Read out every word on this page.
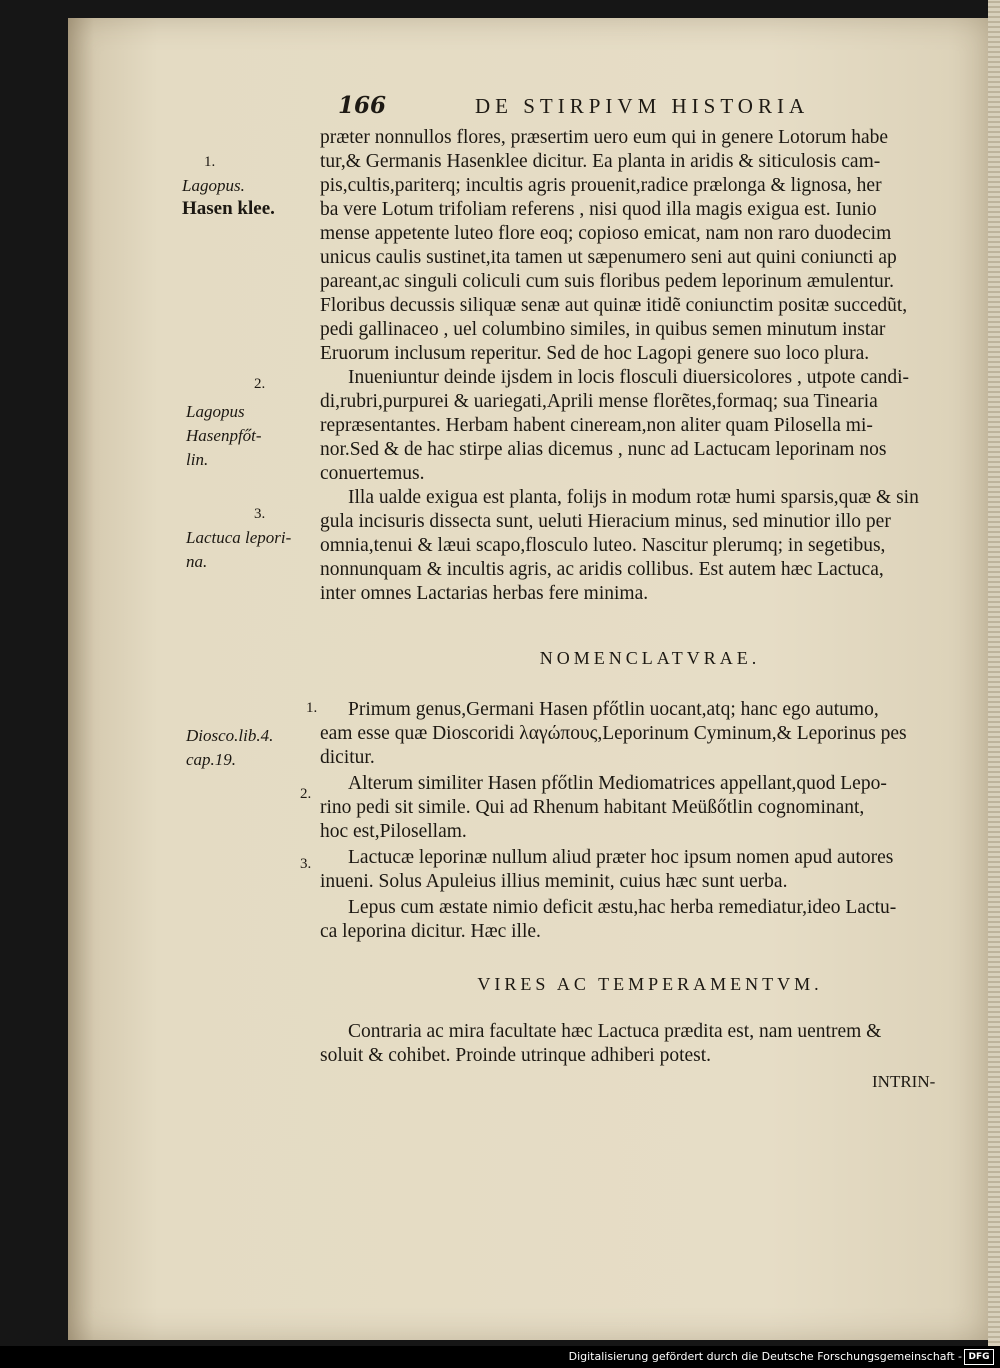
166	DE STIRPIVM HISTORIA
1.
Lagopus.
Hasen klee.
2.
Lagopus
Hasenpfőt-
lin.
3.
Lactuca lepori-
na.
1.
Diosco.lib.4.
cap.19.
2.
3.
præter nonnullos flores, præsertim uero eum qui in genere Lotorum habe
tur,& Germanis Hasenklee dicitur. Ea planta in aridis & siticulosis cam-
pis,cultis,pariterq; incultis agris prouenit,radice prælonga & lignosa, her
ba vere Lotum trifoliam referens , nisi quod illa magis exigua est. Iunio
mense appetente luteo flore eoq; copioso emicat, nam non raro duodecim
unicus caulis sustinet,ita tamen ut sæpenumero seni aut quini coniuncti ap
pareant,ac singuli coliculi cum suis floribus pedem leporinum æmulentur.
Floribus decussis siliquæ senæ aut quinæ itidẽ coniunctim positæ succedũt,
pedi gallinaceo , uel columbino similes, in quibus semen minutum instar
Eruorum inclusum reperitur. Sed de hoc Lagopi genere suo loco plura.
Inueniuntur deinde ijsdem in locis flosculi diuersicolores , utpote candi-
di,rubri,purpurei & uariegati,Aprili mense florẽtes,formaq; sua Tinearia
repræsentantes. Herbam habent cineream,non aliter quam Pilosella mi-
nor.Sed & de hac stirpe alias dicemus , nunc ad Lactucam leporinam nos
conuertemus.
Illa ualde exigua est planta, folijs in modum rotæ humi sparsis,quæ & sin
gula incisuris dissecta sunt, ueluti Hieracium minus, sed minutior illo per
omnia,tenui & læui scapo,flosculo luteo. Nascitur plerumq; in segetibus,
nonnunquam & incultis agris, ac aridis collibus. Est autem hæc Lactuca,
inter omnes Lactarias herbas fere minima.
NOMENCLATVRAE.
Primum genus,Germani Hasen pfőtlin uocant,atq; hanc ego autumo,
eam esse quæ Dioscoridi λαγώπους,Leporinum Cyminum,& Leporinus pes
dicitur.
Alterum similiter Hasen pfőtlin Mediomatrices appellant,quod Lepo-
rino pedi sit simile. Qui ad Rhenum habitant Meüßőtlin cognominant,
hoc est,Pilosellam.
Lactucæ leporinæ nullum aliud præter hoc ipsum nomen apud autores
inueni. Solus Apuleius illius meminit, cuius hæc sunt uerba.
Lepus cum æstate nimio deficit æstu,hac herba remediatur,ideo Lactu-
ca leporina dicitur. Hæc ille.
VIRES AC TEMPERAMENTVM.
Contraria ac mira facultate hæc Lactuca prædita est, nam uentrem &
soluit & cohibet. Proinde utrinque adhiberi potest.
INTRIN-
Digitalisierung gefördert durch die Deutsche Forschungsgemeinschaft - DFG
